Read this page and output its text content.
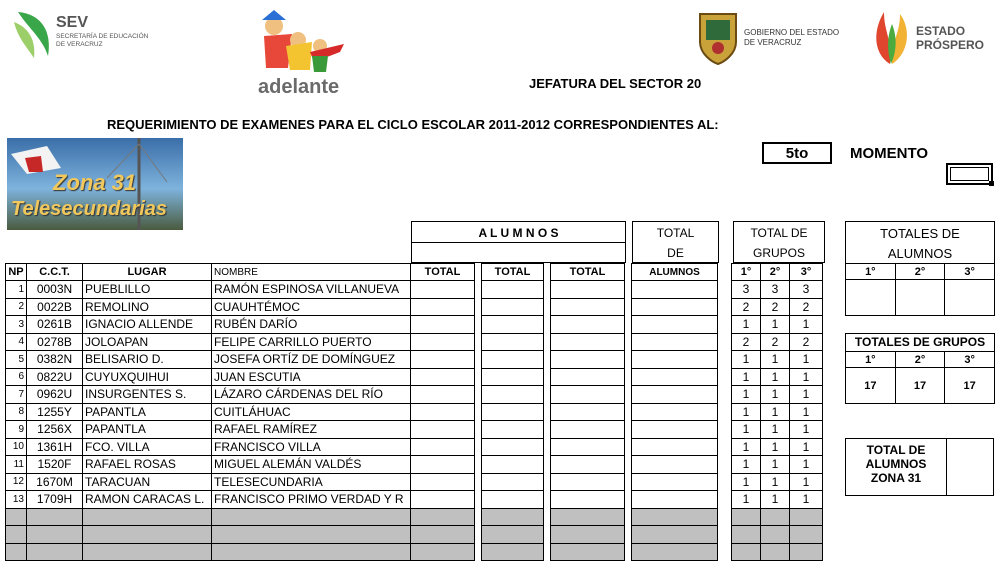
SEV
SECRETARÍA DE EDUCACIÓN DE VERACRUZ
adelante
GOBIERNO DEL ESTADO DE VERACRUZ
ESTADO PRÓSPERO
JEFATURA DEL SECTOR 20
REQUERIMIENTO DE EXAMENES PARA EL CICLO ESCOLAR 2011-2012 CORRESPONDIENTES AL:
Zona 31
Telesecundarias
5to	MOMENTO
A L U M N O S	TOTAL
DE
TOTAL DE
GRUPOS
NP	C.C.T.	LUGAR	NOMBRE	TOTAL		TOTAL		TOTAL		ALUMNOS		1°	2°	3°
1	0003N	PUEBLILLO	RAMÓN ESPINOSA VILLANUEVA									3	3	3
2	0022B	REMOLINO	CUAUHTÉMOC									2	2	2
3	0261B	IGNACIO ALLENDE	RUBÉN DARÍO									1	1	1
4	0278B	JOLOAPAN	FELIPE CARRILLO PUERTO									2	2	2
5	0382N	BELISARIO D.	JOSEFA ORTÍZ DE DOMÍNGUEZ									1	1	1
6	0822U	CUYUXQUIHUI	JUAN ESCUTIA									1	1	1
7	0962U	INSURGENTES S.	LÁZARO CÁRDENAS DEL RÍO									1	1	1
8	1255Y	PAPANTLA	CUITLÁHUAC									1	1	1
9	1256X	PAPANTLA	RAFAEL RAMÍREZ									1	1	1
10	1361H	FCO. VILLA	FRANCISCO VILLA									1	1	1
11	1520F	RAFAEL ROSAS	MIGUEL ALEMÁN VALDÉS									1	1	1
12	1670M	TARACUAN	TELESECUNDARIA									1	1	1
13	1709H	RAMON CARACAS L.	FRANCISCO PRIMO VERDAD Y R									1	1	1

TOTALES DE
ALUMNOS
1°	2°	3°

TOTALES DE GRUPOS
1°	2°	3°
17	17	17
TOTAL DE
ALUMNOS
ZONA 31
